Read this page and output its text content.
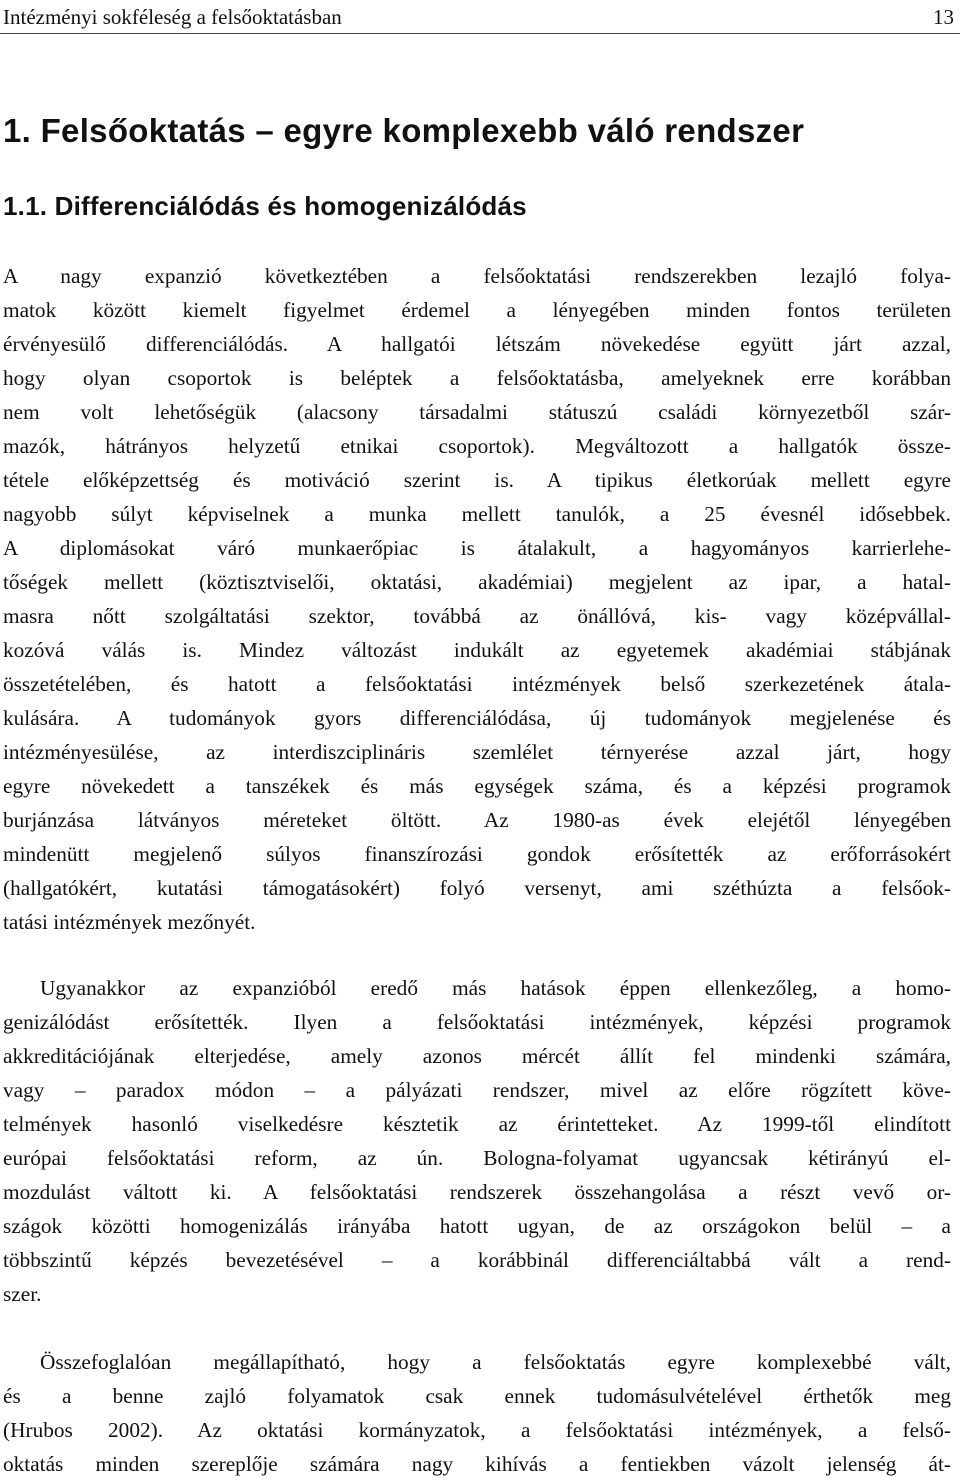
Intézményi sokféleség a felsőoktatásban	13
1. Felsőoktatás – egyre komplexebb váló rendszer
1.1. Differenciálódás és homogenizálódás
A nagy expanzió következtében a felsőoktatási rendszerekben lezajló folya-
matok között kiemelt figyelmet érdemel a lényegében minden fontos területen
érvényesülő differenciálódás. A hallgatói létszám növekedése együtt járt azzal,
hogy olyan csoportok is beléptek a felsőoktatásba, amelyeknek erre korábban
nem volt lehetőségük (alacsony társadalmi státuszú családi környezetből szár-
mazók, hátrányos helyzetű etnikai csoportok). Megváltozott a hallgatók össze-
tétele előképzettség és motiváció szerint is. A tipikus életkorúak mellett egyre
nagyobb súlyt képviselnek a munka mellett tanulók, a 25 évesnél idősebbek.
A diplomásokat váró munkaerőpiac is átalakult, a hagyományos karrierlehe-
tőségek mellett (köztisztviselői, oktatási, akadémiai) megjelent az ipar, a hatal-
masra nőtt szolgáltatási szektor, továbbá az önállóvá, kis- vagy középvállal-
kozóvá válás is. Mindez változást indukált az egyetemek akadémiai stábjának
összetételében, és hatott a felsőoktatási intézmények belső szerkezetének átala-
kulására. A tudományok gyors differenciálódása, új tudományok megjelenése és
intézményesülése, az interdiszciplináris szemlélet térnyerése azzal járt, hogy
egyre növekedett a tanszékek és más egységek száma, és a képzési programok
burjánzása látványos méreteket öltött. Az 1980-as évek elejétől lényegében
mindenütt megjelenő súlyos finanszírozási gondok erősítették az erőforrásokért
(hallgatókért, kutatási támogatásokért) folyó versenyt, ami széthúzta a felsőok-
tatási intézmények mezőnyét.
Ugyanakkor az expanzióból eredő más hatások éppen ellenkezőleg, a homo-
genizálódást erősítették. Ilyen a felsőoktatási intézmények, képzési programok
akkreditációjának elterjedése, amely azonos mércét állít fel mindenki számára,
vagy – paradox módon – a pályázati rendszer, mivel az előre rögzített köve-
telmények hasonló viselkedésre késztetik az érintetteket. Az 1999-től elindított
európai felsőoktatási reform, az ún. Bologna-folyamat ugyancsak kétirányú el-
mozdulást váltott ki. A felsőoktatási rendszerek összehangolása a részt vevő or-
szágok közötti homogenizálás irányába hatott ugyan, de az országokon belül – a
többszintű képzés bevezetésével – a korábbinál differenciáltabbá vált a rend-
szer.
Összefoglalóan megállapítható, hogy a felsőoktatás egyre komplexebbé vált,
és a benne zajló folyamatok csak ennek tudomásulvételével érthetők meg
(Hrubos 2002). Az oktatási kormányzatok, a felsőoktatási intézmények, a felső-
oktatás minden szereplője számára nagy kihívás a fentiekben vázolt jelenség át-
